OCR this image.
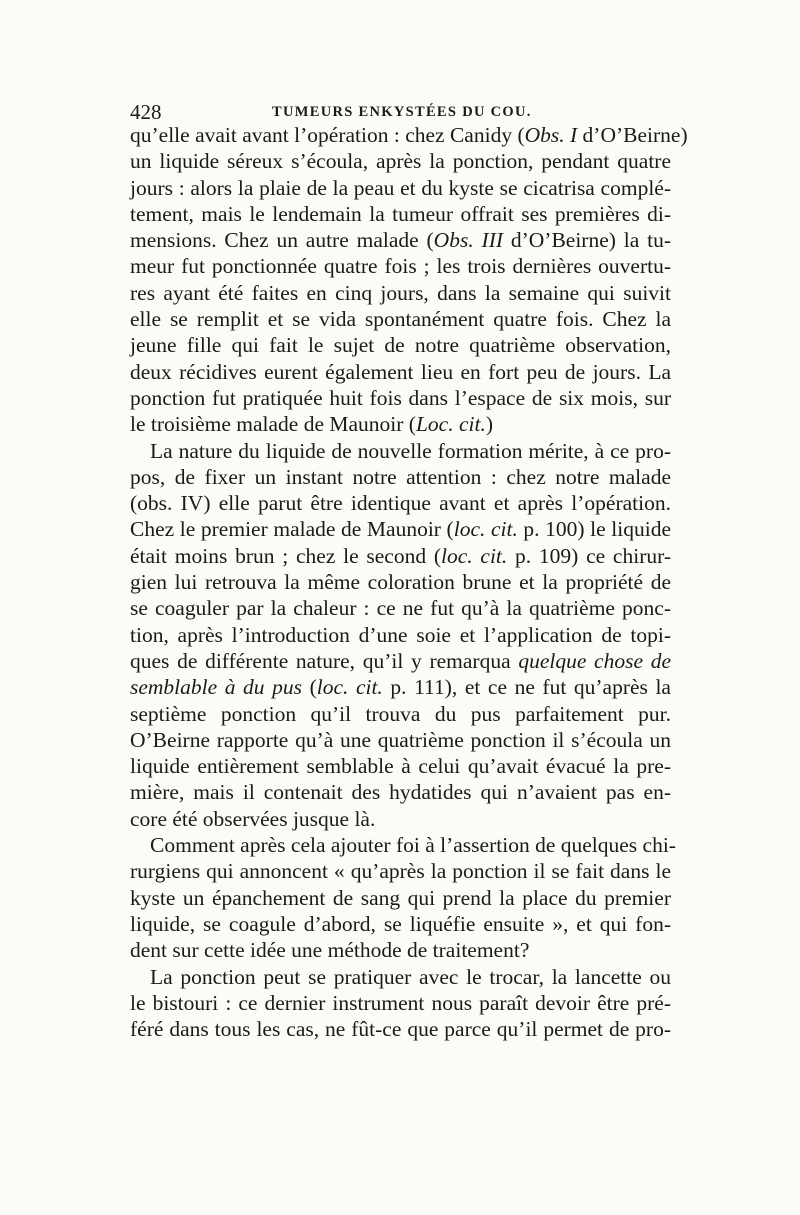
428	TUMEURS ENKYSTÉES DU COU.
qu’elle avait avant l’opération : chez Canidy (Obs. I d’O’Beirne)
un liquide séreux s’écoula, après la ponction, pendant quatre
jours : alors la plaie de la peau et du kyste se cicatrisa complé-
tement, mais le lendemain la tumeur offrait ses premières di-
mensions. Chez un autre malade (Obs. III d’O’Beirne) la tu-
meur fut ponctionnée quatre fois ; les trois dernières ouvertu-
res ayant été faites en cinq jours, dans la semaine qui suivit
elle se remplit et se vida spontanément quatre fois. Chez la
jeune fille qui fait le sujet de notre quatrième observation,
deux récidives eurent également lieu en fort peu de jours. La
ponction fut pratiquée huit fois dans l’espace de six mois, sur
le troisième malade de Maunoir (Loc. cit.)
La nature du liquide de nouvelle formation mérite, à ce pro-
pos, de fixer un instant notre attention : chez notre malade
(obs. IV) elle parut être identique avant et après l’opération.
Chez le premier malade de Maunoir (loc. cit. p. 100) le liquide
était moins brun ; chez le second (loc. cit. p. 109) ce chirur-
gien lui retrouva la même coloration brune et la propriété de
se coaguler par la chaleur : ce ne fut qu’à la quatrième ponc-
tion, après l’introduction d’une soie et l’application de topi-
ques de différente nature, qu’il y remarqua quelque chose de
semblable à du pus (loc. cit. p. 111), et ce ne fut qu’après la
septième ponction qu’il trouva du pus parfaitement pur.
O’Beirne rapporte qu’à une quatrième ponction il s’écoula un
liquide entièrement semblable à celui qu’avait évacué la pre-
mière, mais il contenait des hydatides qui n’avaient pas en-
core été observées jusque là.
Comment après cela ajouter foi à l’assertion de quelques chi-
rurgiens qui annoncent « qu’après la ponction il se fait dans le
kyste un épanchement de sang qui prend la place du premier
liquide, se coagule d’abord, se liquéfie ensuite », et qui fon-
dent sur cette idée une méthode de traitement?
La ponction peut se pratiquer avec le trocar, la lancette ou
le bistouri : ce dernier instrument nous paraît devoir être pré-
féré dans tous les cas, ne fût-ce que parce qu’il permet de pro-
